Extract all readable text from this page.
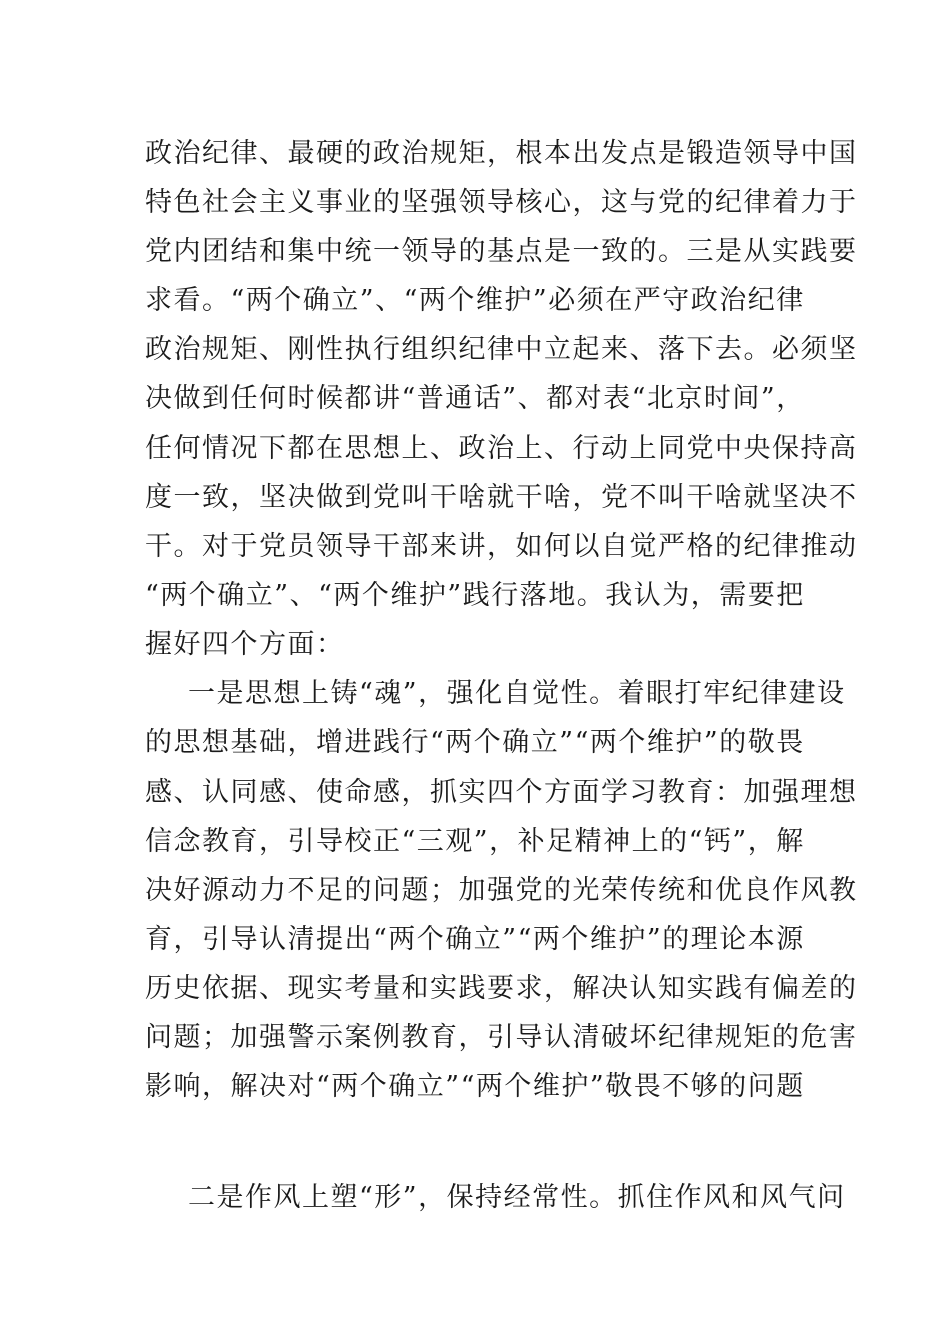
政治纪律、最硬的政治规矩，根本出发点是锻造领导中国
特色社会主义事业的坚强领导核心，这与党的纪律着力于
党内团结和集中统一领导的基点是一致的。三是从实践要
求看。“两个确立”、“两个维护”必须在严守政治纪律
政治规矩、刚性执行组织纪律中立起来、落下去。必须坚
决做到任何时候都讲“普通话”、都对表“北京时间”，
任何情况下都在思想上、政治上、行动上同党中央保持高
度一致，坚决做到党叫干啥就干啥，党不叫干啥就坚决不
干。对于党员领导干部来讲，如何以自觉严格的纪律推动
“两个确立”、“两个维护”践行落地。我认为，需要把
握好四个方面：
一是思想上铸“魂”，强化自觉性。着眼打牢纪律建设
的思想基础，增进践行“两个确立”“两个维护”的敬畏
感、认同感、使命感，抓实四个方面学习教育：加强理想
信念教育，引导校正“三观”，补足精神上的“钙”，解
决好源动力不足的问题；加强党的光荣传统和优良作风教
育，引导认清提出“两个确立”“两个维护”的理论本源
历史依据、现实考量和实践要求，解决认知实践有偏差的
问题；加强警示案例教育，引导认清破坏纪律规矩的危害
影响，解决对“两个确立”“两个维护”敬畏不够的问题
二是作风上塑“形”，保持经常性。抓住作风和风气问
